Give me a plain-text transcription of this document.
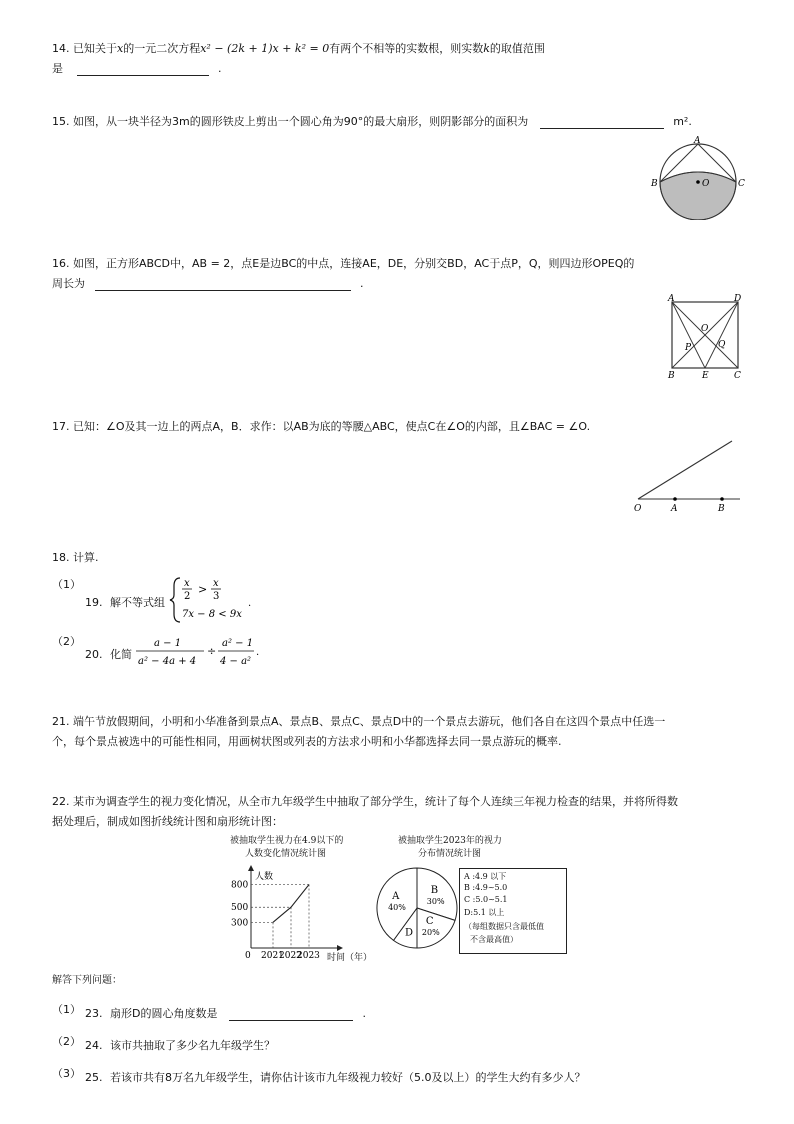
14. 已知关于x的一元二次方程x² − (2k + 1)x + k² = 0有两个不相等的实数根，则实数k的取值范围
是	.
15. 如图，从一块半径为3m的圆形铁皮上剪出一个圆心角为90°的最大扇形，则阴影部分的面积为	m².
A
B	C
O
16. 如图，正方形ABCD中，AB = 2，点E是边BC的中点，连接AE，DE，分别交BD，AC于点P，Q，则四边形OPEQ的
周长为	.
A	D
O
P	Q
B	E	C
17. 已知：∠O及其一边上的两点A，B．求作：以AB为底的等腰△ABC，使点C在∠O的内部，且∠BAC = ∠O.
O	A	B
18. 计算.
（1）
19. 解不等式组
x
2
> x
3
7x − 8 < 9x
.
（2）
20. 化简
a − 1
a² − 4a + 4
÷
a² − 1
4 − a²
.
21. 端午节放假期间，小明和小华准备到景点A、景点B、景点C、景点D中的一个景点去游玩，他们各自在这四个景点中任选一
个，每个景点被选中的可能性相同，用画树状图或列表的方法求小明和小华都选择去同一景点游玩的概率.
22. 某市为调查学生的视力变化情况，从全市九年级学生中抽取了部分学生，统计了每个人连续三年视力检查的结果，并将所得数
据处理后，制成如图折线统计图和扇形统计图：
被抽取学生视力在4.9以下的
人数变化情况统计图
300
500
800
2021
2022
2023
人数
0	时间（年）
被抽取学生2023年的视力
分布情况统计图
B
30%
C
20%
D
A
40%
A :4.9 以下
B :4.9~5.0
C :5.0~5.1
D:5.1 以上
（每组数据只含最低值
不含最高值）
解答下列问题：
（1） 23. 扇形D的圆心角度数是	.
（2） 24. 该市共抽取了多少名九年级学生？
（3） 25. 若该市共有8万名九年级学生，请你估计该市九年级视力较好（5.0及以上）的学生大约有多少人？
